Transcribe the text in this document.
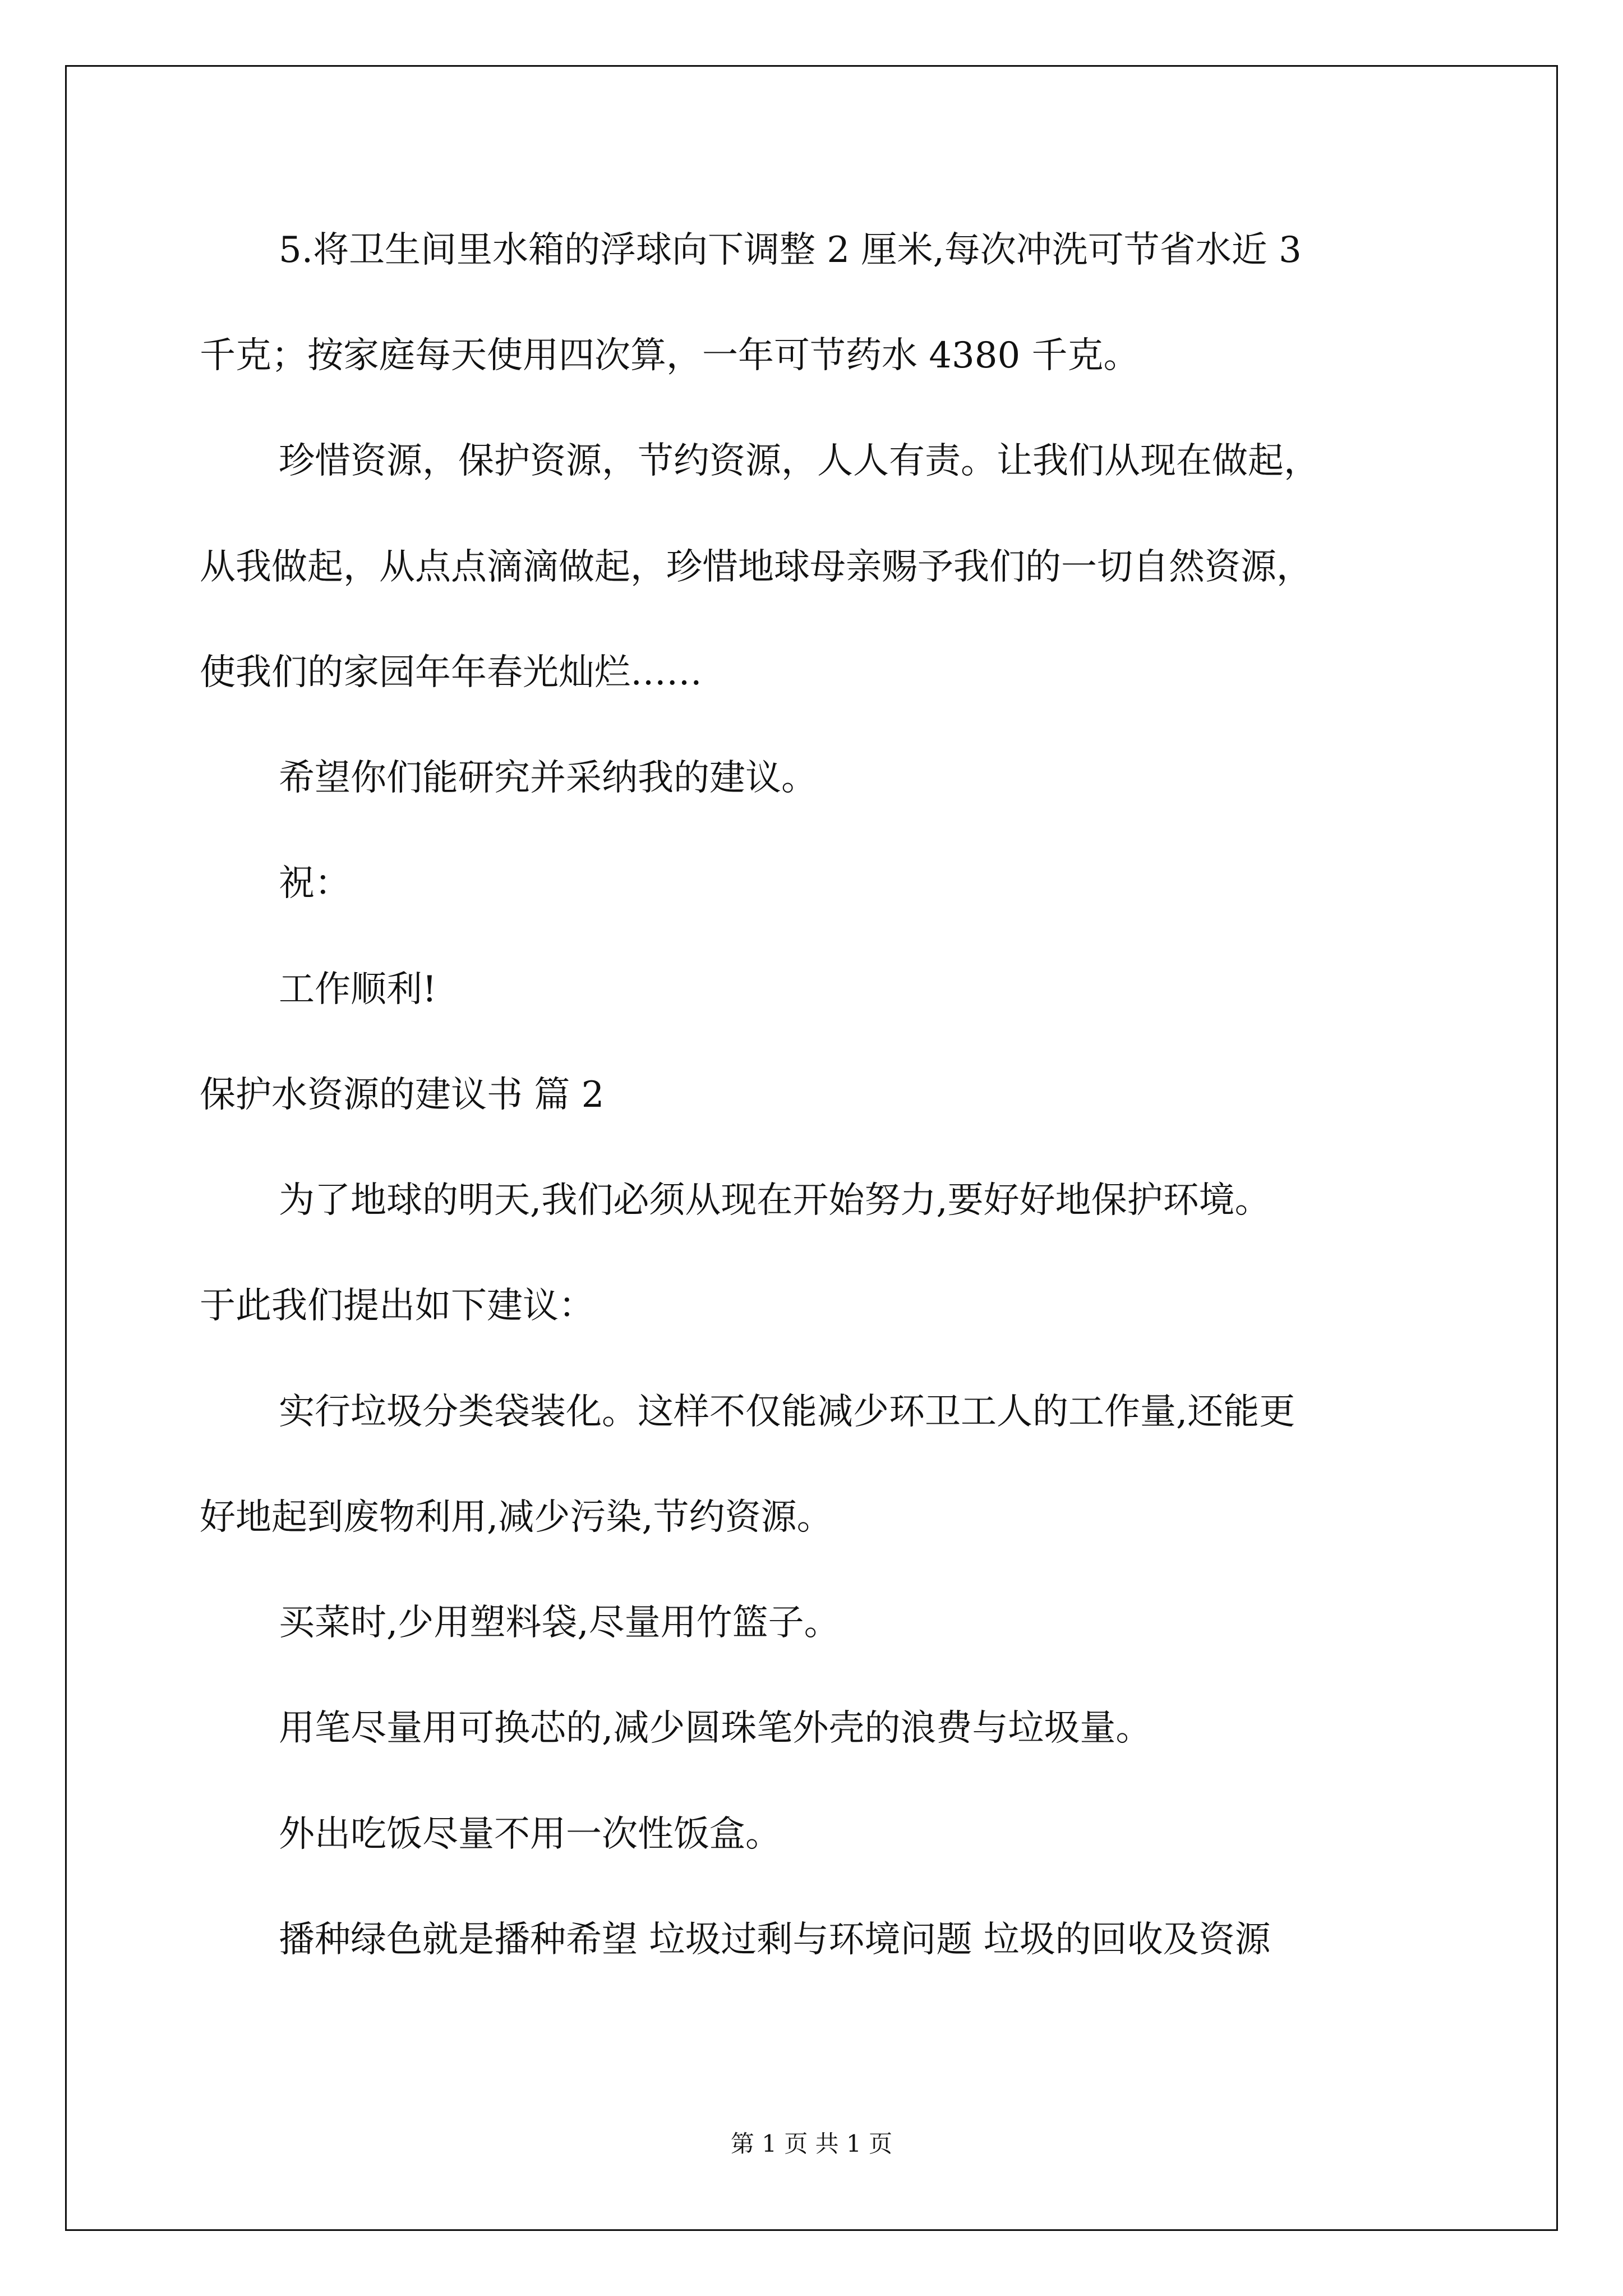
5.将卫生间里水箱的浮球向下调整 2 厘米,每次冲洗可节省水近 3
千克；按家庭每天使用四次算，一年可节药水 4380 千克。
珍惜资源，保护资源，节约资源，人人有责。让我们从现在做起，
从我做起，从点点滴滴做起，珍惜地球母亲赐予我们的一切自然资源，
使我们的家园年年春光灿烂……
希望你们能研究并采纳我的建议。
祝：
工作顺利!
保护水资源的建议书 篇 2
为了地球的明天,我们必须从现在开始努力,要好好地保护环境。
于此我们提出如下建议：
实行垃圾分类袋装化。这样不仅能减少环卫工人的工作量,还能更
好地起到废物利用,减少污染,节约资源。
买菜时,少用塑料袋,尽量用竹篮子。
用笔尽量用可换芯的,减少圆珠笔外壳的浪费与垃圾量。
外出吃饭尽量不用一次性饭盒。
播种绿色就是播种希望 垃圾过剩与环境问题 垃圾的回收及资源
第 1 页 共 1 页
